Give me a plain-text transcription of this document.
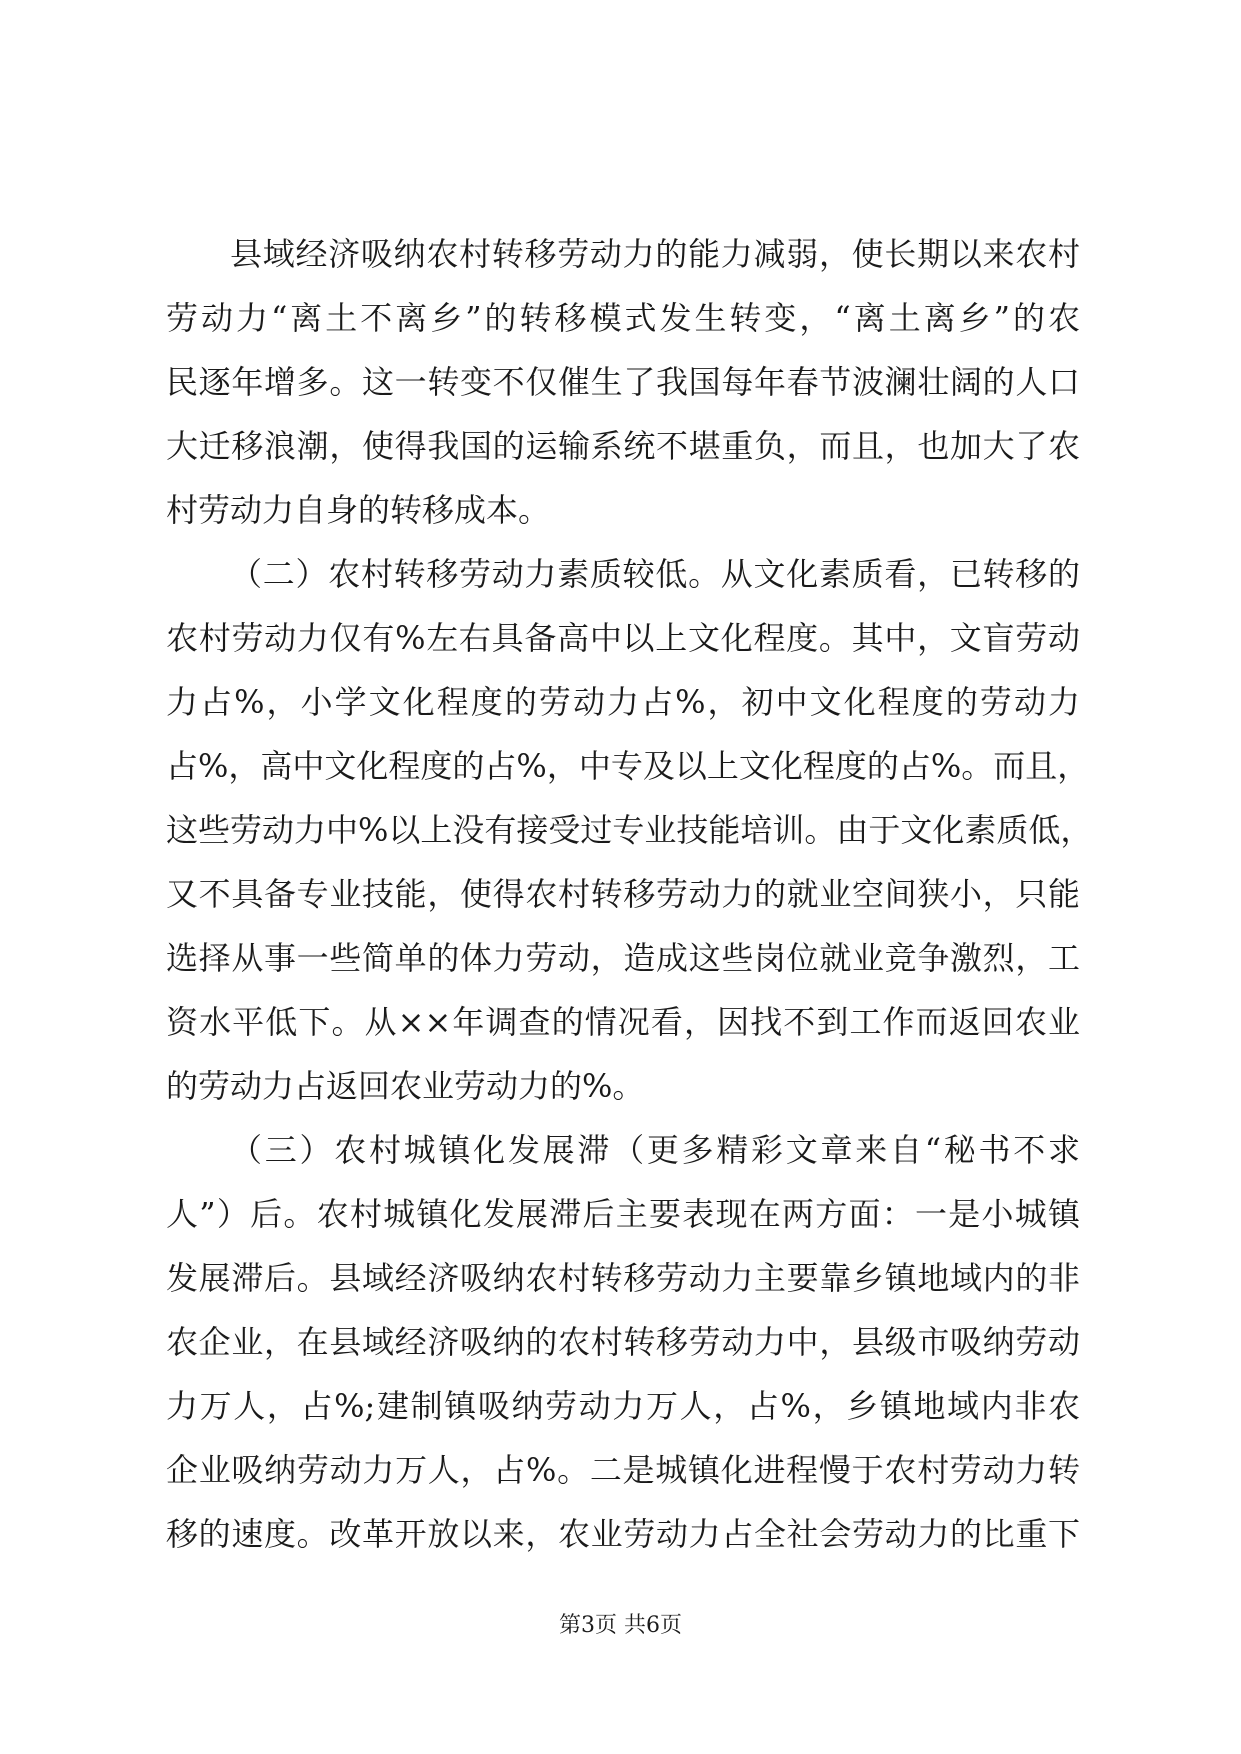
县域经济吸纳农村转移劳动力的能力减弱，使长期以来农村
劳动力“离土不离乡”的转移模式发生转变，“离土离乡”的农
民逐年增多。这一转变不仅催生了我国每年春节波澜壮阔的人口
大迁移浪潮，使得我国的运输系统不堪重负，而且，也加大了农
村劳动力自身的转移成本。
（二）农村转移劳动力素质较低。从文化素质看，已转移的
农村劳动力仅有%左右具备高中以上文化程度。其中，文盲劳动
力占%，小学文化程度的劳动力占%，初中文化程度的劳动力
占%，高中文化程度的占%，中专及以上文化程度的占%。而且，
这些劳动力中%以上没有接受过专业技能培训。由于文化素质低，
又不具备专业技能，使得农村转移劳动力的就业空间狭小，只能
选择从事一些简单的体力劳动，造成这些岗位就业竞争激烈，工
资水平低下。从××年调查的情况看，因找不到工作而返回农业
的劳动力占返回农业劳动力的%。
（三）农村城镇化发展滞（更多精彩文章来自“秘书不求
人”）后。农村城镇化发展滞后主要表现在两方面：一是小城镇
发展滞后。县域经济吸纳农村转移劳动力主要靠乡镇地域内的非
农企业，在县域经济吸纳的农村转移劳动力中，县级市吸纳劳动
力万人，占%;建制镇吸纳劳动力万人，占%，乡镇地域内非农
企业吸纳劳动力万人，占%。二是城镇化进程慢于农村劳动力转
移的速度。改革开放以来，农业劳动力占全社会劳动力的比重下
第3页 共6页
